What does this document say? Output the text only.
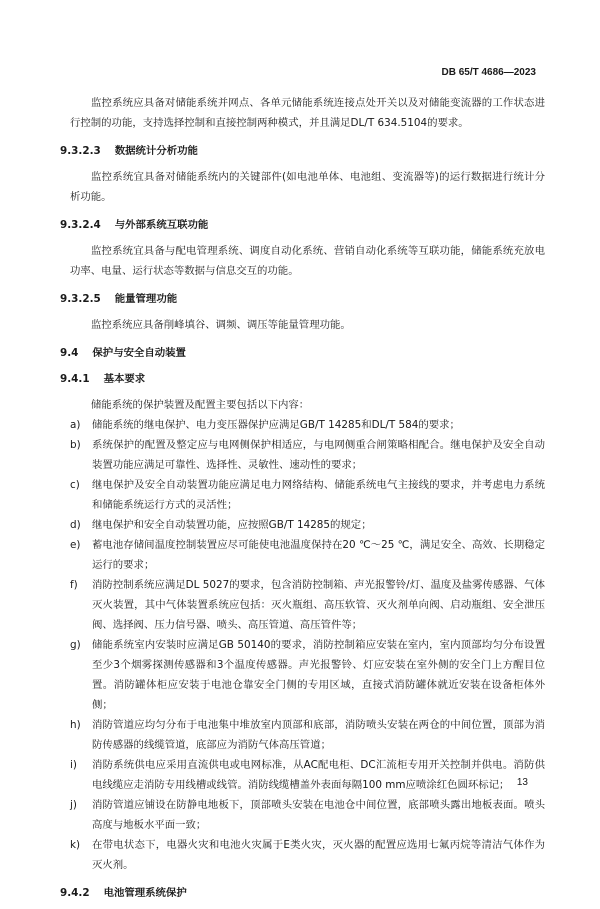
DB 65/T 4686—2023

监控系统应具备对储能系统并网点、各单元储能系统连接点处开关以及对储能变流器的工作状态进行控制的功能，支持选择控制和直接控制两种模式，并且满足DL/T 634.5104的要求。

9.3.2.3 数据统计分析功能

监控系统宜具备对储能系统内的关键部件(如电池单体、电池组、变流器等)的运行数据进行统计分析功能。

9.3.2.4 与外部系统互联功能

监控系统宜具备与配电管理系统、调度自动化系统、营销自动化系统等互联功能，储能系统充放电功率、电量、运行状态等数据与信息交互的功能。

9.3.2.5 能量管理功能

监控系统应具备削峰填谷、调频、调压等能量管理功能。

9.4 保护与安全自动装置
9.4.1 基本要求

储能系统的保护装置及配置主要包括以下内容：

a)	储能系统的继电保护、电力变压器保护应满足GB/T 14285和DL/T 584的要求；
b)	系统保护的配置及整定应与电网侧保护相适应，与电网侧重合闸策略相配合。继电保护及安全自动装置功能应满足可靠性、选择性、灵敏性、速动性的要求；
c)	继电保护及安全自动装置功能应满足电力网络结构、储能系统电气主接线的要求，并考虑电力系统和储能系统运行方式的灵活性；
d)	继电保护和安全自动装置功能，应按照GB/T 14285的规定；
e)	蓄电池存储间温度控制装置应尽可能使电池温度保持在20 ℃～25 ℃，满足安全、高效、长期稳定运行的要求；
f)	消防控制系统应满足DL 5027的要求，包含消防控制箱、声光报警铃/灯、温度及盐雾传感器、气体灭火装置，其中气体装置系统应包括：灭火瓶组、高压软管、灭火剂单向阀、启动瓶组、安全泄压阀、选择阀、压力信号器、喷头、高压管道、高压管件等；
g)	储能系统室内安装时应满足GB 50140的要求，消防控制箱应安装在室内，室内顶部均匀分布设置至少3个烟雾探测传感器和3个温度传感器。声光报警铃、灯应安装在室外侧的安全门上方醒目位置。消防罐体柜应安装于电池仓靠安全门侧的专用区域，直接式消防罐体就近安装在设备柜体外侧；
h)	消防管道应均匀分布于电池集中堆放室内顶部和底部，消防喷头安装在两仓的中间位置，顶部为消防传感器的线缆管道，底部应为消防气体高压管道；
i)	消防系统供电应采用直流供电或电网标准，从AC配电柜、DC汇流柜专用开关控制并供电。消防供电线缆应走消防专用线槽或线管。消防线缆槽盖外表面每隔100 mm应喷涂红色圆环标记；
j)	消防管道应铺设在防静电地板下，顶部喷头安装在电池仓中间位置，底部喷头露出地板表面。喷头高度与地板水平面一致；
k)	在带电状态下，电器火灾和电池火灾属于E类火灾，灭火器的配置应选用七氟丙烷等清洁气体作为灭火剂。
9.4.2 电池管理系统保护
13
